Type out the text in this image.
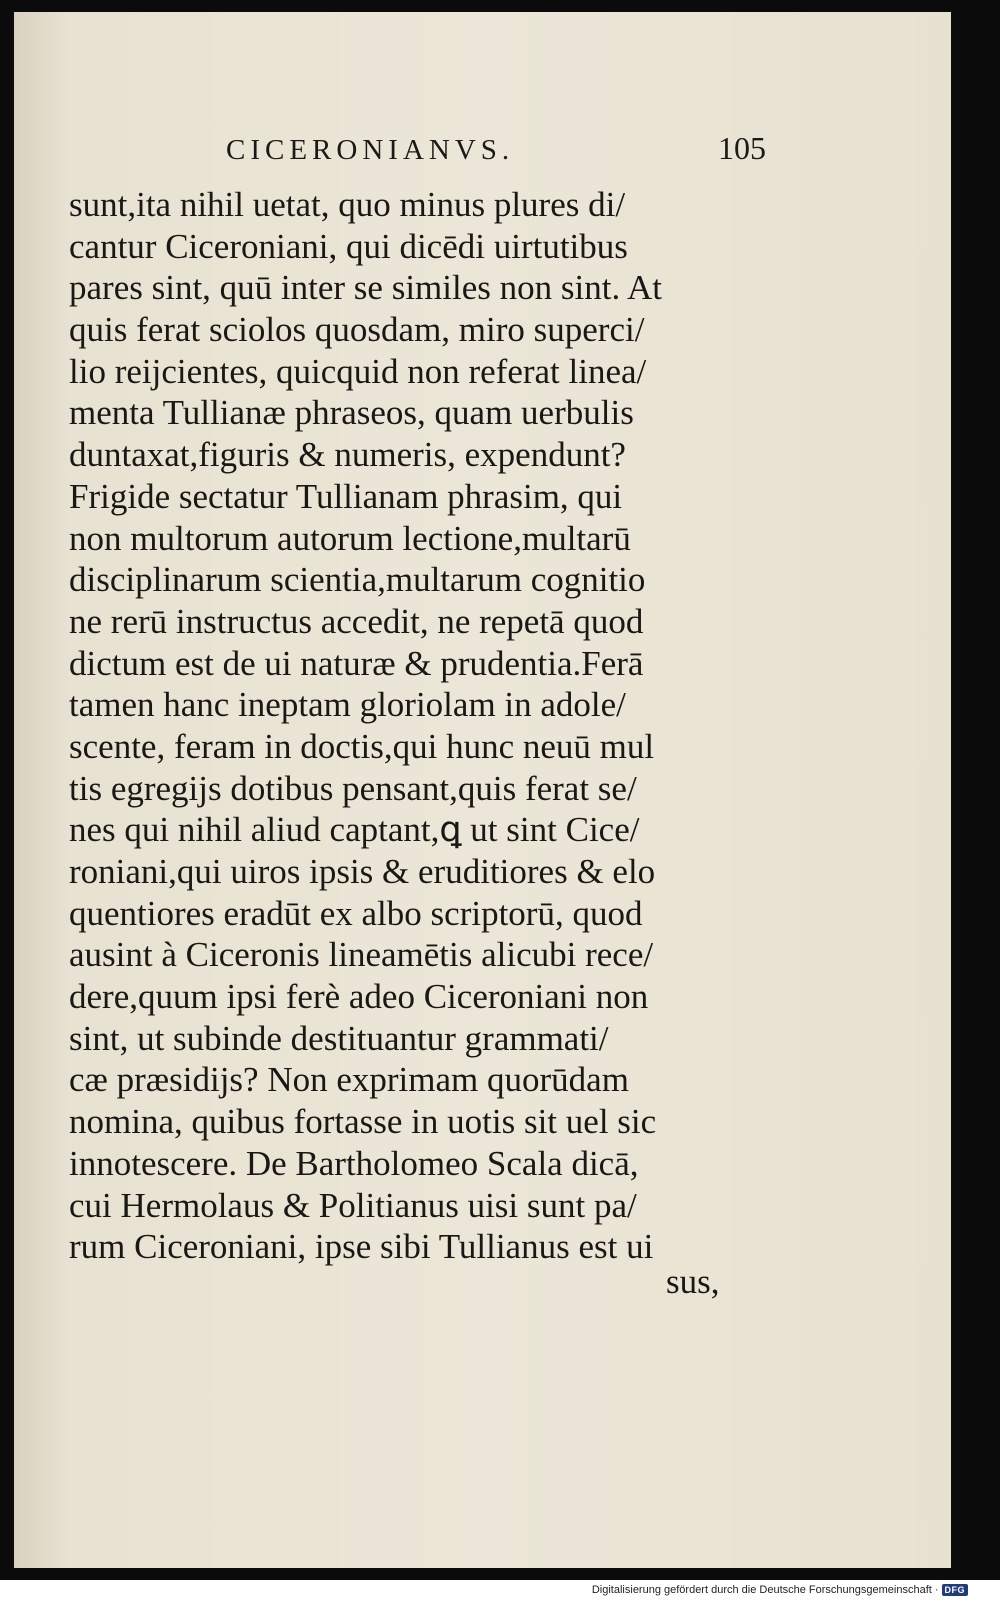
CICERONIANVS.	105
sunt,ita nihil uetat, quo minus plures di/
cantur Ciceroniani, qui dicēdi uirtutibus
pares sint, quū inter se similes non sint. At
quis ferat sciolos quosdam, miro superci/
lio reijcientes, quicquid non referat linea/
menta Tullianæ phraseos, quam uerbulis
duntaxat,figuris & numeris, expendunt?
Frigide sectatur Tullianam phrasim, qui
non multorum autorum lectione,multarū
disciplinarum scientia,multarum cognitio
ne rerū instructus accedit, ne repetā quod
dictum est de ui naturæ & prudentia.Ferā
tamen hanc ineptam gloriolam in adole/
scente, feram in doctis,qui hunc neuū mul
tis egregijs dotibus pensant,quis ferat se/
nes qui nihil aliud captant,ꝗ ut sint Cice/
roniani,qui uiros ipsis & eruditiores & elo
quentiores eradūt ex albo scriptorū, quod
ausint à Ciceronis lineamētis alicubi rece/
dere,quum ipsi ferè adeo Ciceroniani non
sint, ut subinde destituantur grammati/
cæ præsidijs? Non exprimam quorūdam
nomina, quibus fortasse in uotis sit uel sic
innotescere. De Bartholomeo Scala dicā,
cui Hermolaus & Politianus uisi sunt pa/
rum Ciceroniani, ipse sibi Tullianus est ui
sus,
Digitalisierung gefördert durch die Deutsche Forschungsgemeinschaft · DFG
